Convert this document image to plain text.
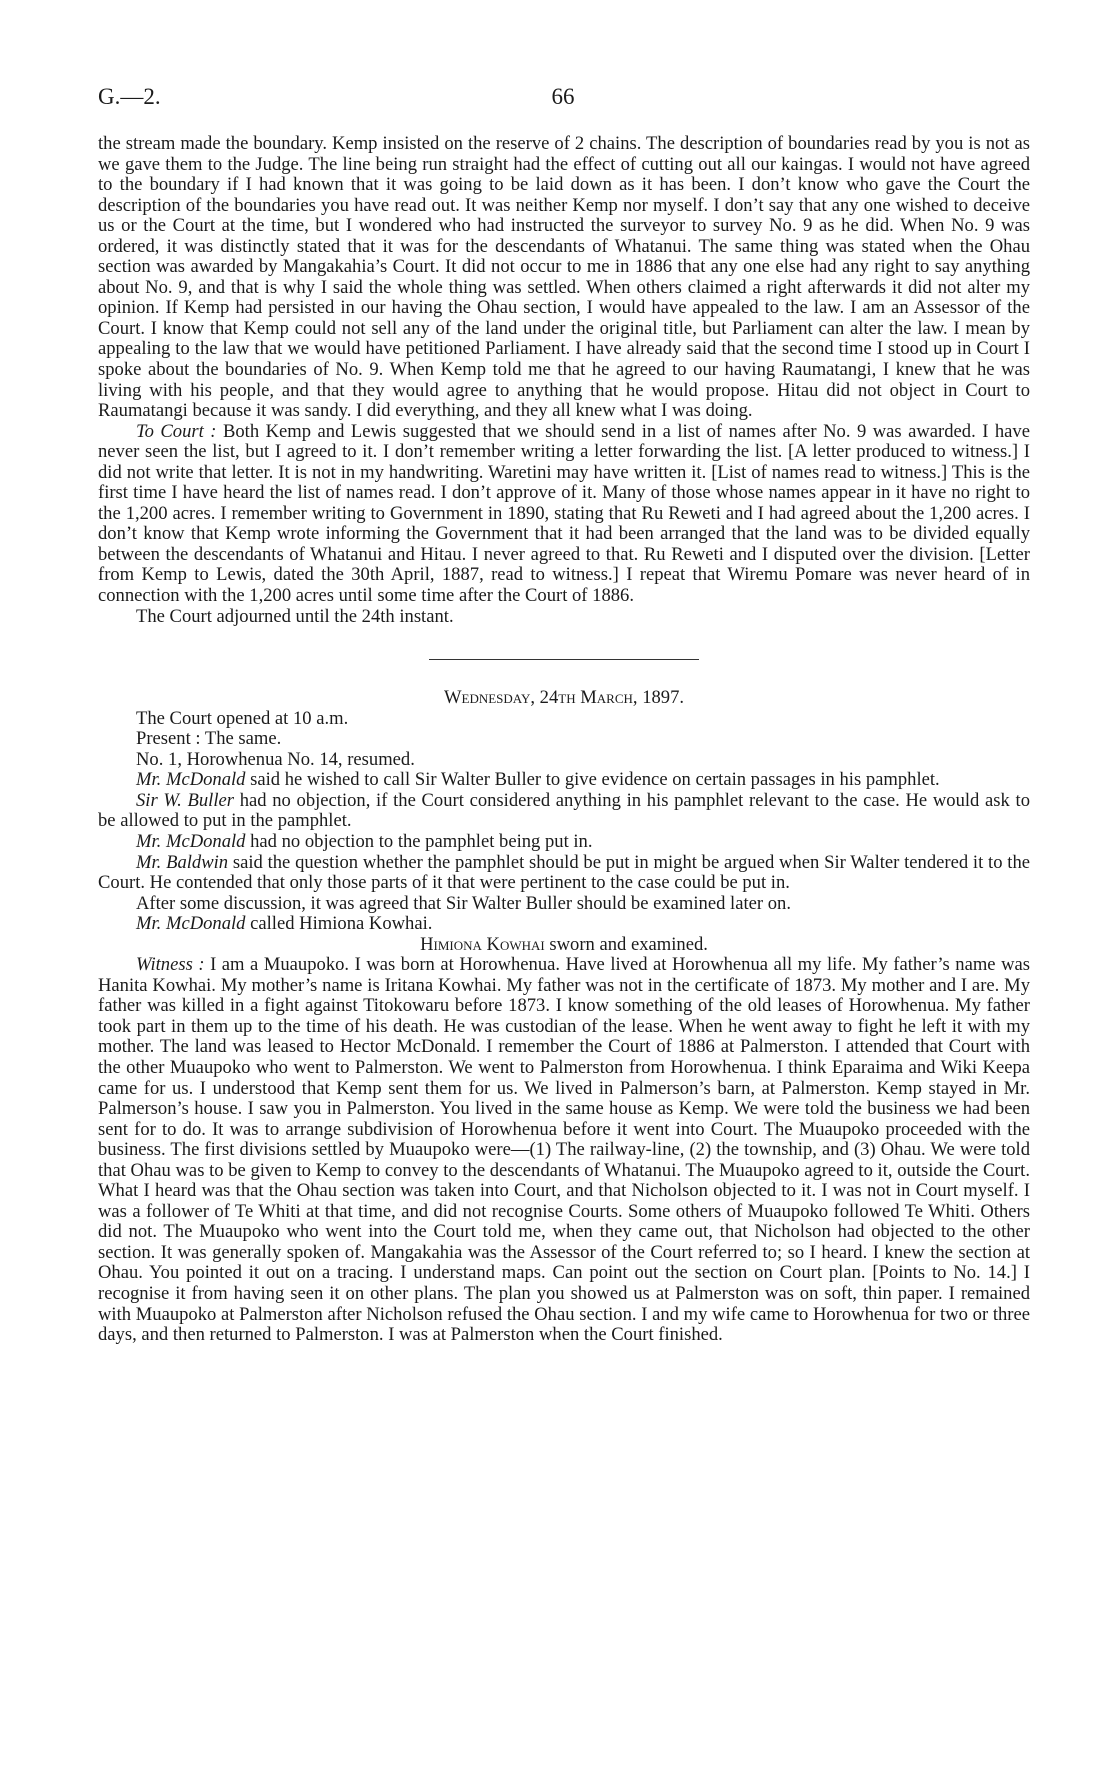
G.—2.	66

the stream made the boundary. Kemp insisted on the reserve of 2 chains. The description of boundaries read by you is not as we gave them to the Judge. The line being run straight had the effect of cutting out all our kaingas. I would not have agreed to the boundary if I had known that it was going to be laid down as it has been. I don’t know who gave the Court the description of the boundaries you have read out. It was neither Kemp nor myself. I don’t say that any one wished to deceive us or the Court at the time, but I wondered who had instructed the surveyor to survey No. 9 as he did. When No. 9 was ordered, it was distinctly stated that it was for the descendants of Whatanui. The same thing was stated when the Ohau section was awarded by Mangakahia’s Court. It did not occur to me in 1886 that any one else had any right to say anything about No. 9, and that is why I said the whole thing was settled. When others claimed a right afterwards it did not alter my opinion. If Kemp had persisted in our having the Ohau section, I would have appealed to the law. I am an Assessor of the Court. I know that Kemp could not sell any of the land under the original title, but Parliament can alter the law. I mean by appealing to the law that we would have petitioned Parliament. I have already said that the second time I stood up in Court I spoke about the boundaries of No. 9. When Kemp told me that he agreed to our having Raumatangi, I knew that he was living with his people, and that they would agree to anything that he would propose. Hitau did not object in Court to Raumatangi because it was sandy. I did everything, and they all knew what I was doing.

To Court : Both Kemp and Lewis suggested that we should send in a list of names after No. 9 was awarded. I have never seen the list, but I agreed to it. I don’t remember writing a letter forwarding the list. [A letter produced to witness.] I did not write that letter. It is not in my handwriting. Waretini may have written it. [List of names read to witness.] This is the first time I have heard the list of names read. I don’t approve of it. Many of those whose names appear in it have no right to the 1,200 acres. I remember writing to Government in 1890, stating that Ru Reweti and I had agreed about the 1,200 acres. I don’t know that Kemp wrote informing the Government that it had been arranged that the land was to be divided equally between the descendants of Whatanui and Hitau. I never agreed to that. Ru Reweti and I disputed over the division. [Letter from Kemp to Lewis, dated the 30th April, 1887, read to witness.] I repeat that Wiremu Pomare was never heard of in connection with the 1,200 acres until some time after the Court of 1886.

The Court adjourned until the 24th instant.

Wednesday, 24th March, 1897.

The Court opened at 10 a.m.

Present : The same.

No. 1, Horowhenua No. 14, resumed.

Mr. McDonald said he wished to call Sir Walter Buller to give evidence on certain passages in his pamphlet.

Sir W. Buller had no objection, if the Court considered anything in his pamphlet relevant to the case. He would ask to be allowed to put in the pamphlet.

Mr. McDonald had no objection to the pamphlet being put in.

Mr. Baldwin said the question whether the pamphlet should be put in might be argued when Sir Walter tendered it to the Court. He contended that only those parts of it that were pertinent to the case could be put in.

After some discussion, it was agreed that Sir Walter Buller should be examined later on.

Mr. McDonald called Himiona Kowhai.

Himiona Kowhai sworn and examined.

Witness : I am a Muaupoko. I was born at Horowhenua. Have lived at Horowhenua all my life. My father’s name was Hanita Kowhai. My mother’s name is Iritana Kowhai. My father was not in the certificate of 1873. My mother and I are. My father was killed in a fight against Titokowaru before 1873. I know something of the old leases of Horowhenua. My father took part in them up to the time of his death. He was custodian of the lease. When he went away to fight he left it with my mother. The land was leased to Hector McDonald. I remember the Court of 1886 at Palmerston. I attended that Court with the other Muaupoko who went to Palmerston. We went to Palmerston from Horowhenua. I think Eparaima and Wiki Keepa came for us. I understood that Kemp sent them for us. We lived in Palmerson’s barn, at Palmerston. Kemp stayed in Mr. Palmerson’s house. I saw you in Palmerston. You lived in the same house as Kemp. We were told the business we had been sent for to do. It was to arrange subdivision of Horowhenua before it went into Court. The Muaupoko proceeded with the business. The first divisions settled by Muaupoko were—(1) The railway-line, (2) the township, and (3) Ohau. We were told that Ohau was to be given to Kemp to convey to the descendants of Whatanui. The Muaupoko agreed to it, outside the Court. What I heard was that the Ohau section was taken into Court, and that Nicholson objected to it. I was not in Court myself. I was a follower of Te Whiti at that time, and did not recognise Courts. Some others of Muaupoko followed Te Whiti. Others did not. The Muaupoko who went into the Court told me, when they came out, that Nicholson had objected to the other section. It was generally spoken of. Mangakahia was the Assessor of the Court referred to; so I heard. I knew the section at Ohau. You pointed it out on a tracing. I understand maps. Can point out the section on Court plan. [Points to No. 14.] I recognise it from having seen it on other plans. The plan you showed us at Palmerston was on soft, thin paper. I remained with Muaupoko at Palmerston after Nicholson refused the Ohau section. I and my wife came to Horowhenua for two or three days, and then returned to Palmerston. I was at Palmerston when the Court finished.
